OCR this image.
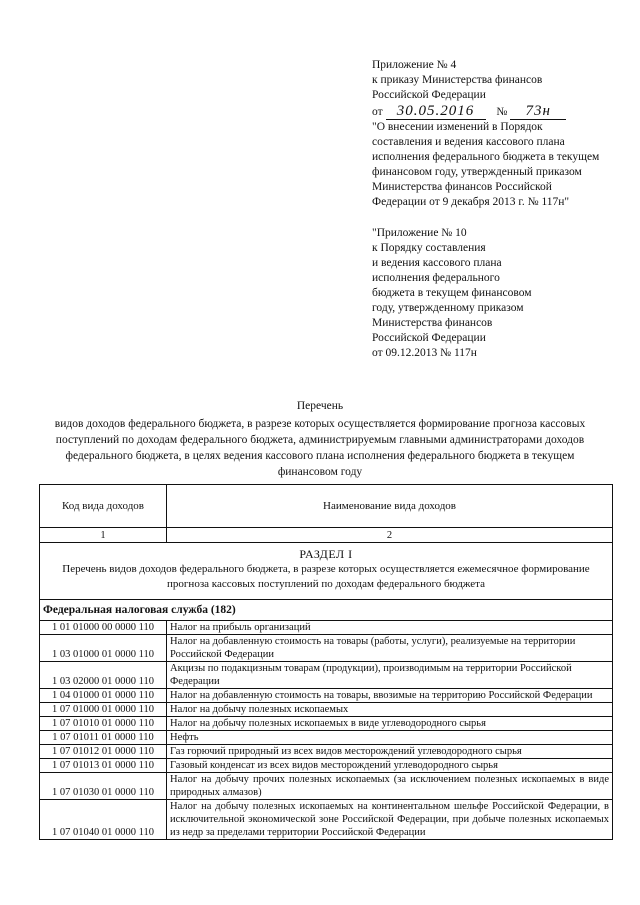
Приложение № 4
к приказу Министерства финансов
Российской Федерации
от 30.05.2016 № 73н
"О внесении изменений в Порядок
составления и ведения кассового плана
исполнения федерального бюджета в текущем
финансовом году, утвержденный приказом
Министерства финансов Российской
Федерации от 9 декабря 2013 г. № 117н"
"Приложение № 10
к Порядку составления
и ведения кассового плана
исполнения федерального
бюджета в текущем финансовом
году, утвержденному приказом
Министерства финансов
Российской Федерации
от 09.12.2013 № 117н
Перечень
видов доходов федерального бюджета, в разрезе которых осуществляется формирование прогноза кассовых
поступлений по доходам федерального бюджета, администрируемым главными администраторами доходов
федерального бюджета, в целях ведения кассового плана исполнения федерального бюджета в текущем
финансовом году
Код вида доходов	Наименование вида доходов
1	2

РАЗДЕЛ I
Перечень видов доходов федерального бюджета, в разрезе которых осуществляется ежемесячное формирование
прогноза кассовых поступлений по доходам федерального бюджета	

Федеральная налоговая служба (182)	
1 01 01000 00 0000 110	Налог на прибыль организаций
1 03 01000 01 0000 110	Налог на добавленную стоимость на товары (работы, услуги), реализуемые на территории Российской Федерации
1 03 02000 01 0000 110	Акцизы по подакцизным товарам (продукции), производимым на территории Российской Федерации
1 04 01000 01 0000 110	Налог на добавленную стоимость на товары, ввозимые на территорию Российской Федерации
1 07 01000 01 0000 110	Налог на добычу полезных ископаемых
1 07 01010 01 0000 110	Налог на добычу полезных ископаемых в виде углеводородного сырья
1 07 01011 01 0000 110	Нефть
1 07 01012 01 0000 110	Газ горючий природный из всех видов месторождений углеводородного сырья
1 07 01013 01 0000 110	Газовый конденсат из всех видов месторождений углеводородного сырья
1 07 01030 01 0000 110	Налог на добычу прочих полезных ископаемых (за исключением полезных ископаемых в виде природных алмазов)
1 07 01040 01 0000 110	Налог на добычу полезных ископаемых на континентальном шельфе Российской Федерации, в исключительной экономической зоне Российской Федерации, при добыче полезных ископаемых из недр за пределами территории Российской Федерации
